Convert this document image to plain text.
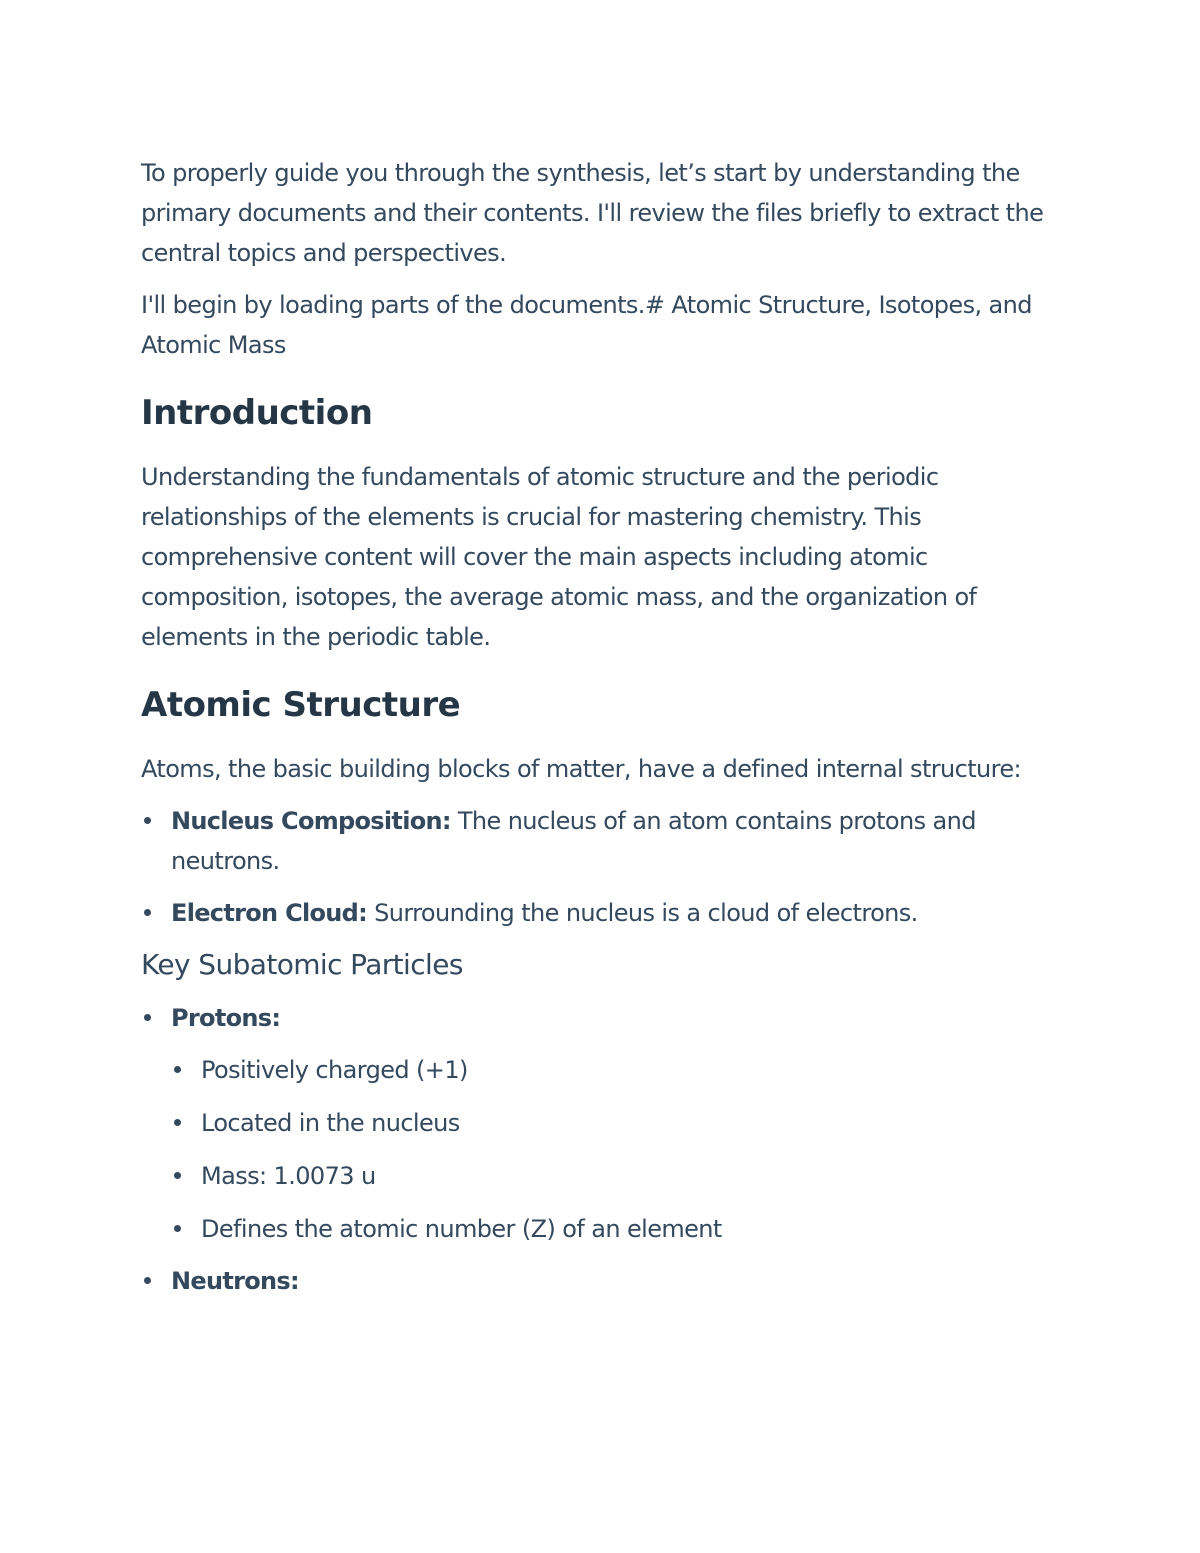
To properly guide you through the synthesis, let’s start by understanding the primary documents and their contents. I'll review the files briefly to extract the central topics and perspectives.

I'll begin by loading parts of the documents.# Atomic Structure, Isotopes, and Atomic Mass

Introduction

Understanding the fundamentals of atomic structure and the periodic relationships of the elements is crucial for mastering chemistry. This comprehensive content will cover the main aspects including atomic composition, isotopes, the average atomic mass, and the organization of elements in the periodic table.

Atomic Structure

Atoms, the basic building blocks of matter, have a defined internal structure:

Nucleus Composition: The nucleus of an atom contains protons and neutrons.
Electron Cloud: Surrounding the nucleus is a cloud of electrons.
Key Subatomic Particles
Protons:
Positively charged (+1)
Located in the nucleus
Mass: 1.0073 u
Defines the atomic number (Z) of an element
Neutrons:
